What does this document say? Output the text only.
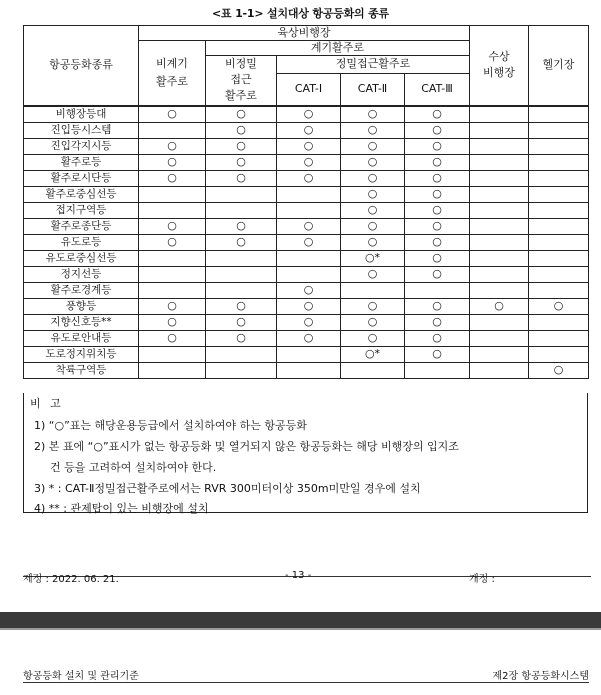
<표 1-1> 설치대상 항공등화의 종류
항공등화종류	육상비행장					수상
비행장	헬기장
	비계기
활주로	계기활주로					
		비정밀
접근
활주로	정밀접근활주로				
			CAT-Ⅰ	CAT-Ⅱ	CAT-Ⅲ		
비행장등대	○	○	○	○	○		
진입등시스템		○	○	○	○		
진입각지시등	○	○	○	○	○		
활주로등	○	○	○	○	○		
활주로시단등	○	○	○	○	○		
활주로중심선등				○	○		
접지구역등				○	○		
활주로종단등	○	○	○	○	○		
유도로등	○	○	○	○	○		
유도로중심선등				○*	○		
정지선등				○	○		
활주로경계등			○				
풍향등	○	○	○	○	○	○	○
지향신호등**	○	○	○	○	○		
유도로안내등	○	○	○	○	○		
도로정지위치등				○*	○		
착륙구역등							○
비 고
1) “○”표는 해당운용등급에서 설치하여야 하는 항공등화
2) 본 표에 “○”표시가 없는 항공등화 및 열거되지 않은 항공등화는 해당 비행장의 입지조
건 등을 고려하여 설치하여야 한다.
3) * : CAT-Ⅱ정밀접근활주로에서는 RVR 300미터이상 350m미만일 경우에 설치
4) ** : 관제탑이 있는 비행장에 설치
제정 : 2022. 06. 21.	- 13 -	개정 :
항공등화 설치 및 관리기준	제2장 항공등화시스템
